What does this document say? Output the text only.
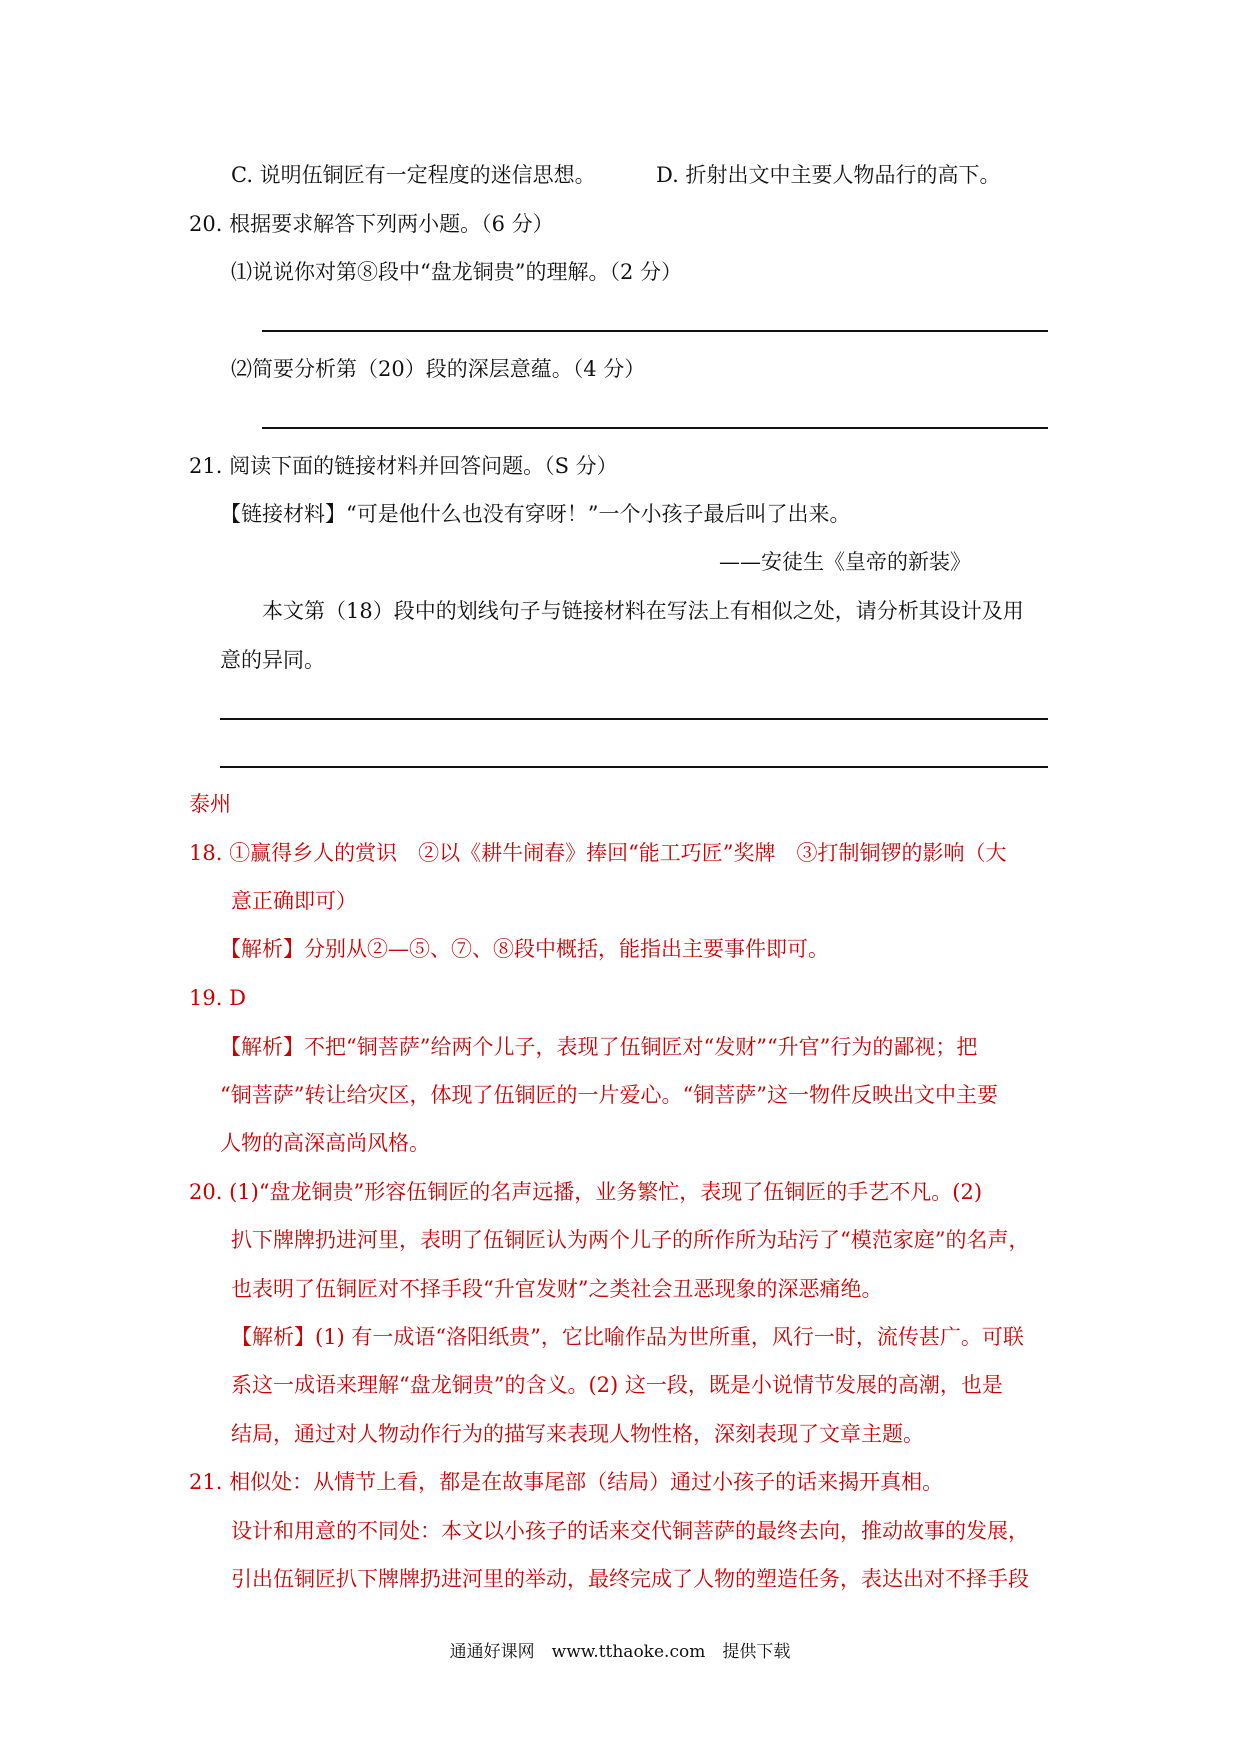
C. 说明伍铜匠有一定程度的迷信思想。	D. 折射出文中主要人物品行的高下。
20. 根据要求解答下列两小题。（6 分）
⑴说说你对第⑧段中“盘龙铜贵”的理解。（2 分）
⑵简要分析第（20）段的深层意蕴。（4 分）
21. 阅读下面的链接材料并回答问题。（S 分）
【链接材料】“可是他什么也没有穿呀！”一个小孩子最后叫了出来。
——安徒生《皇帝的新装》
本文第（18）段中的划线句子与链接材料在写法上有相似之处，请分析其设计及用
意的异同。
泰州
18. ①赢得乡人的赏识　②以《耕牛闹春》捧回“能工巧匠”奖牌　③打制铜锣的影响（大
意正确即可）
【解析】分别从②—⑤、⑦、⑧段中概括，能指出主要事件即可。
19. D
【解析】不把“铜菩萨”给两个儿子，表现了伍铜匠对“发财”“升官”行为的鄙视；把
“铜菩萨”转让给灾区，体现了伍铜匠的一片爱心。“铜菩萨”这一物件反映出文中主要
人物的高深高尚风格。
20. (1)“盘龙铜贵”形容伍铜匠的名声远播，业务繁忙，表现了伍铜匠的手艺不凡。(2)
扒下牌牌扔进河里，表明了伍铜匠认为两个儿子的所作所为玷污了“模范家庭”的名声，
也表明了伍铜匠对不择手段“升官发财”之类社会丑恶现象的深恶痛绝。
【解析】(1) 有一成语“洛阳纸贵”，它比喻作品为世所重，风行一时，流传甚广。可联
系这一成语来理解“盘龙铜贵”的含义。(2) 这一段，既是小说情节发展的高潮，也是
结局，通过对人物动作行为的描写来表现人物性格，深刻表现了文章主题。
21. 相似处：从情节上看，都是在故事尾部（结局）通过小孩子的话来揭开真相。
设计和用意的不同处：本文以小孩子的话来交代铜菩萨的最终去向，推动故事的发展，
引出伍铜匠扒下牌牌扔进河里的举动，最终完成了人物的塑造任务，表达出对不择手段
通通好课网　www.tthaoke.com　提供下载
